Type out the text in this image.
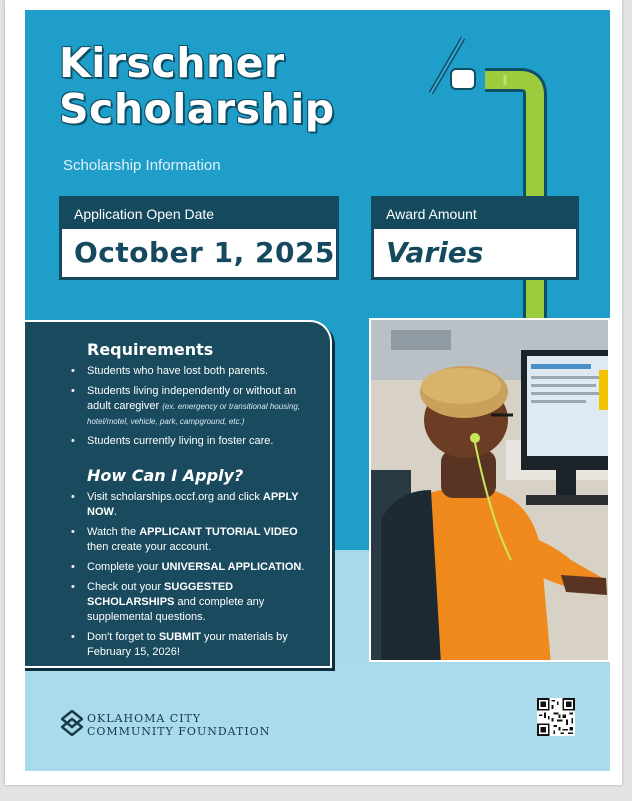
Kirschner
Scholarship
Scholarship Information
Application Open Date
October 1, 2025
Award Amount
Varies
Requirements
• Students who have lost both parents.
• Students living independently or without an adult caregiver (ex. emergency or transitional housing, hotel/motel, vehicle, park, campground, etc.)
• Students currently living in foster care.
How Can I Apply?
• Visit scholarships.occf.org and click APPLY NOW.
• Watch the APPLICANT TUTORIAL VIDEO then create your account.
• Complete your UNIVERSAL APPLICATION.
• Check out your SUGGESTED SCHOLARSHIPS and complete any supplemental questions.
• Don't forget to SUBMIT your materials by February 15, 2026!
OKLAHOMA CITY
COMMUNITY FOUNDATION
